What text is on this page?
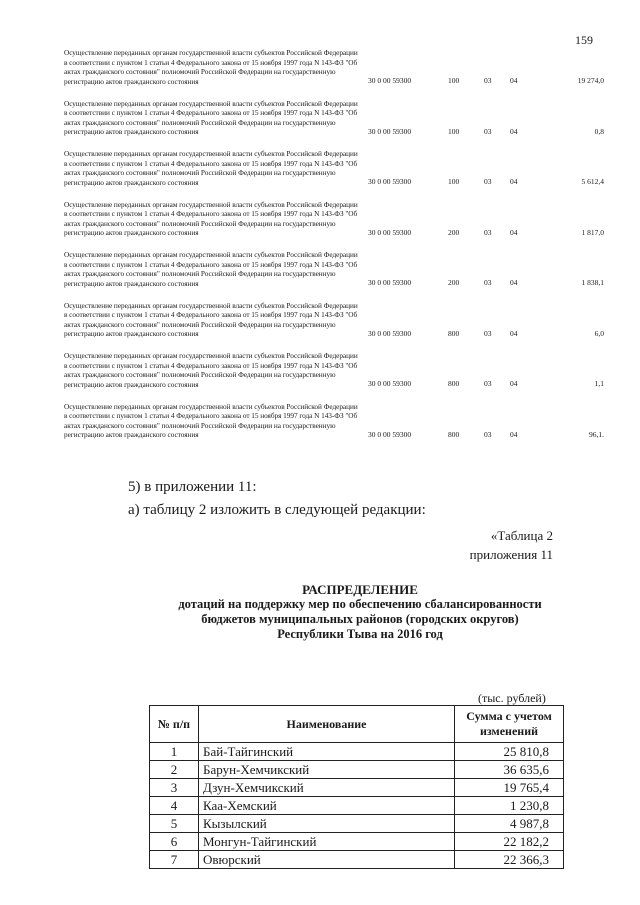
159
Осуществление переданных органам государственной власти субъектов Российской Федерации в соответствии с пунктом 1 статьи 4 Федерального закона от 15 ноября 1997 года N 143-ФЗ "Об актах гражданского состояния" полномочий Российской Федерации на государственную регистрацию актов гражданского состояния	30 0 00 59300	100	03	04	19 274,0
Осуществление переданных органам государственной власти субъектов Российской Федерации в соответствии с пунктом 1 статьи 4 Федерального закона от 15 ноября 1997 года N 143-ФЗ "Об актах гражданского состояния" полномочий Российской Федерации на государственную регистрацию актов гражданского состояния	30 0 00 59300	100	03	04	0,8
Осуществление переданных органам государственной власти субъектов Российской Федерации в соответствии с пунктом 1 статьи 4 Федерального закона от 15 ноября 1997 года N 143-ФЗ "Об актах гражданского состояния" полномочий Российской Федерации на государственную регистрацию актов гражданского состояния	30 0 00 59300	100	03	04	5 612,4
Осуществление переданных органам государственной власти субъектов Российской Федерации в соответствии с пунктом 1 статьи 4 Федерального закона от 15 ноября 1997 года N 143-ФЗ "Об актах гражданского состояния" полномочий Российской Федерации на государственную регистрацию актов гражданского состояния	30 0 00 59300	200	03	04	1 817,0
Осуществление переданных органам государственной власти субъектов Российской Федерации в соответствии с пунктом 1 статьи 4 Федерального закона от 15 ноября 1997 года N 143-ФЗ "Об актах гражданского состояния" полномочий Российской Федерации на государственную регистрацию актов гражданского состояния	30 0 00 59300	200	03	04	1 838,1
Осуществление переданных органам государственной власти субъектов Российской Федерации в соответствии с пунктом 1 статьи 4 Федерального закона от 15 ноября 1997 года N 143-ФЗ "Об актах гражданского состояния" полномочий Российской Федерации на государственную регистрацию актов гражданского состояния	30 0 00 59300	800	03	04	6,0
Осуществление переданных органам государственной власти субъектов Российской Федерации в соответствии с пунктом 1 статьи 4 Федерального закона от 15 ноября 1997 года N 143-ФЗ "Об актах гражданского состояния" полномочий Российской Федерации на государственную регистрацию актов гражданского состояния	30 0 00 59300	800	03	04	1,1
Осуществление переданных органам государственной власти субъектов Российской Федерации в соответствии с пунктом 1 статьи 4 Федерального закона от 15 ноября 1997 года N 143-ФЗ "Об актах гражданского состояния" полномочий Российской Федерации на государственную регистрацию актов гражданского состояния	30 0 00 59300	800	03	04	96,1.
5) в приложении 11:
а) таблицу 2 изложить в следующей редакции:
«Таблица 2
приложения 11
РАСПРЕДЕЛЕНИЕ
дотаций на поддержку мер по обеспечению сбалансированности
бюджетов муниципальных районов (городских округов)
Республики Тыва на 2016 год
(тыс. рублей)
№ п/п	Наименование	Сумма с учетом изменений
1	Бай-Тайгинский	25 810,8
2	Барун-Хемчикский	36 635,6
3	Дзун-Хемчикский	19 765,4
4	Каа-Хемский	1 230,8
5	Кызылский	4 987,8
6	Монгун-Тайгинский	22 182,2
7	Овюрский	22 366,3
